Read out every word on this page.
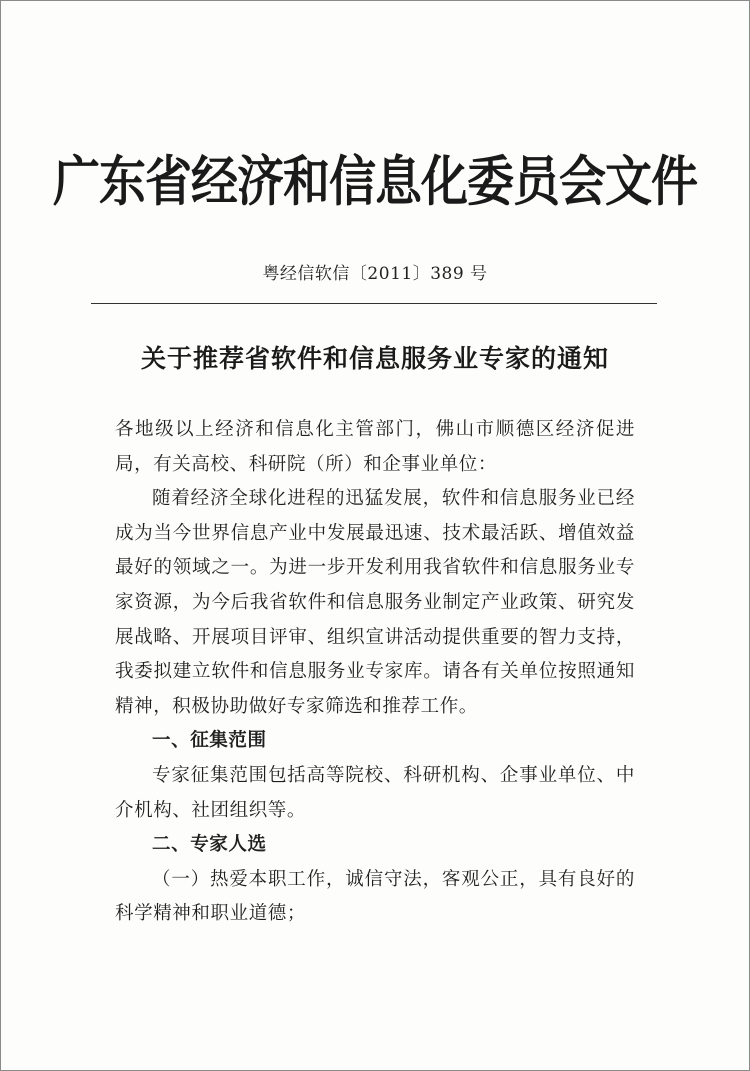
广东省经济和信息化委员会文件
粤经信软信〔2011〕389 号
关于推荐省软件和信息服务业专家的通知

各地级以上经济和信息化主管部门，佛山市顺德区经济促进局，有关高校、科研院（所）和企事业单位：

随着经济全球化进程的迅猛发展，软件和信息服务业已经成为当今世界信息产业中发展最迅速、技术最活跃、增值效益最好的领域之一。为进一步开发利用我省软件和信息服务业专家资源，为今后我省软件和信息服务业制定产业政策、研究发展战略、开展项目评审、组织宣讲活动提供重要的智力支持，我委拟建立软件和信息服务业专家库。请各有关单位按照通知精神，积极协助做好专家筛选和推荐工作。

一、征集范围

专家征集范围包括高等院校、科研机构、企事业单位、中介机构、社团组织等。

二、专家人选

（一）热爱本职工作，诚信守法，客观公正，具有良好的科学精神和职业道德；
